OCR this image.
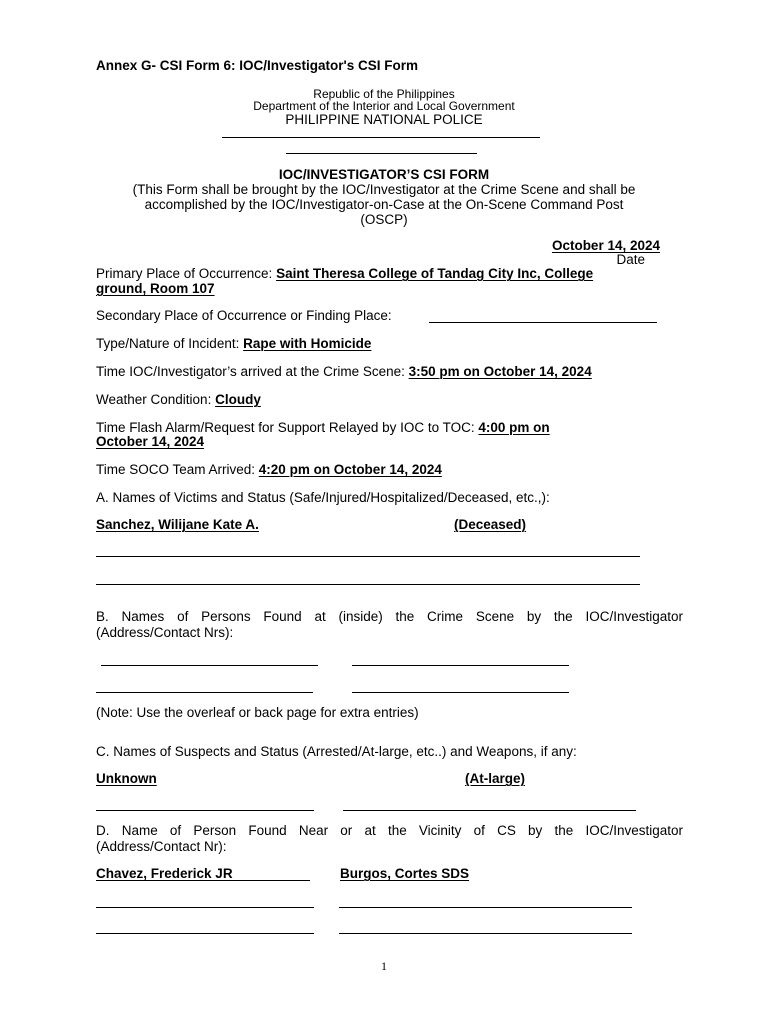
Annex G- CSI Form 6: IOC/Investigator's CSI Form
Republic of the Philippines
Department of the Interior and Local Government
PHILIPPINE NATIONAL POLICE
IOC/INVESTIGATOR’S CSI FORM
(This Form shall be brought by the IOC/Investigator at the Crime Scene and shall be
accomplished by the IOC/Investigator-on-Case at the On-Scene Command Post
(OSCP)
October 14, 2024
Date
Primary Place of Occurrence: Saint Theresa College of Tandag City Inc, College
ground, Room 107
Secondary Place of Occurrence or Finding Place:
Type/Nature of Incident: Rape with Homicide
Time IOC/Investigator’s arrived at the Crime Scene: 3:50 pm on October 14, 2024
Weather Condition: Cloudy
Time Flash Alarm/Request for Support Relayed by IOC to TOC: 4:00 pm on
October 14, 2024
Time SOCO Team Arrived: 4:20 pm on October 14, 2024
A. Names of Victims and Status (Safe/Injured/Hospitalized/Deceased, etc.,):
Sanchez, Wilijane Kate A.	(Deceased)
B. Names of Persons Found at (inside) the Crime Scene by the IOC/Investigator
(Address/Contact Nrs):
(Note: Use the overleaf or back page for extra entries)
C. Names of Suspects and Status (Arrested/At-large, etc..) and Weapons, if any:
Unknown	(At-large)
D. Name of Person Found Near or at the Vicinity of CS by the IOC/Investigator
(Address/Contact Nr):
Chavez, Frederick JR	Burgos, Cortes SDS
1
